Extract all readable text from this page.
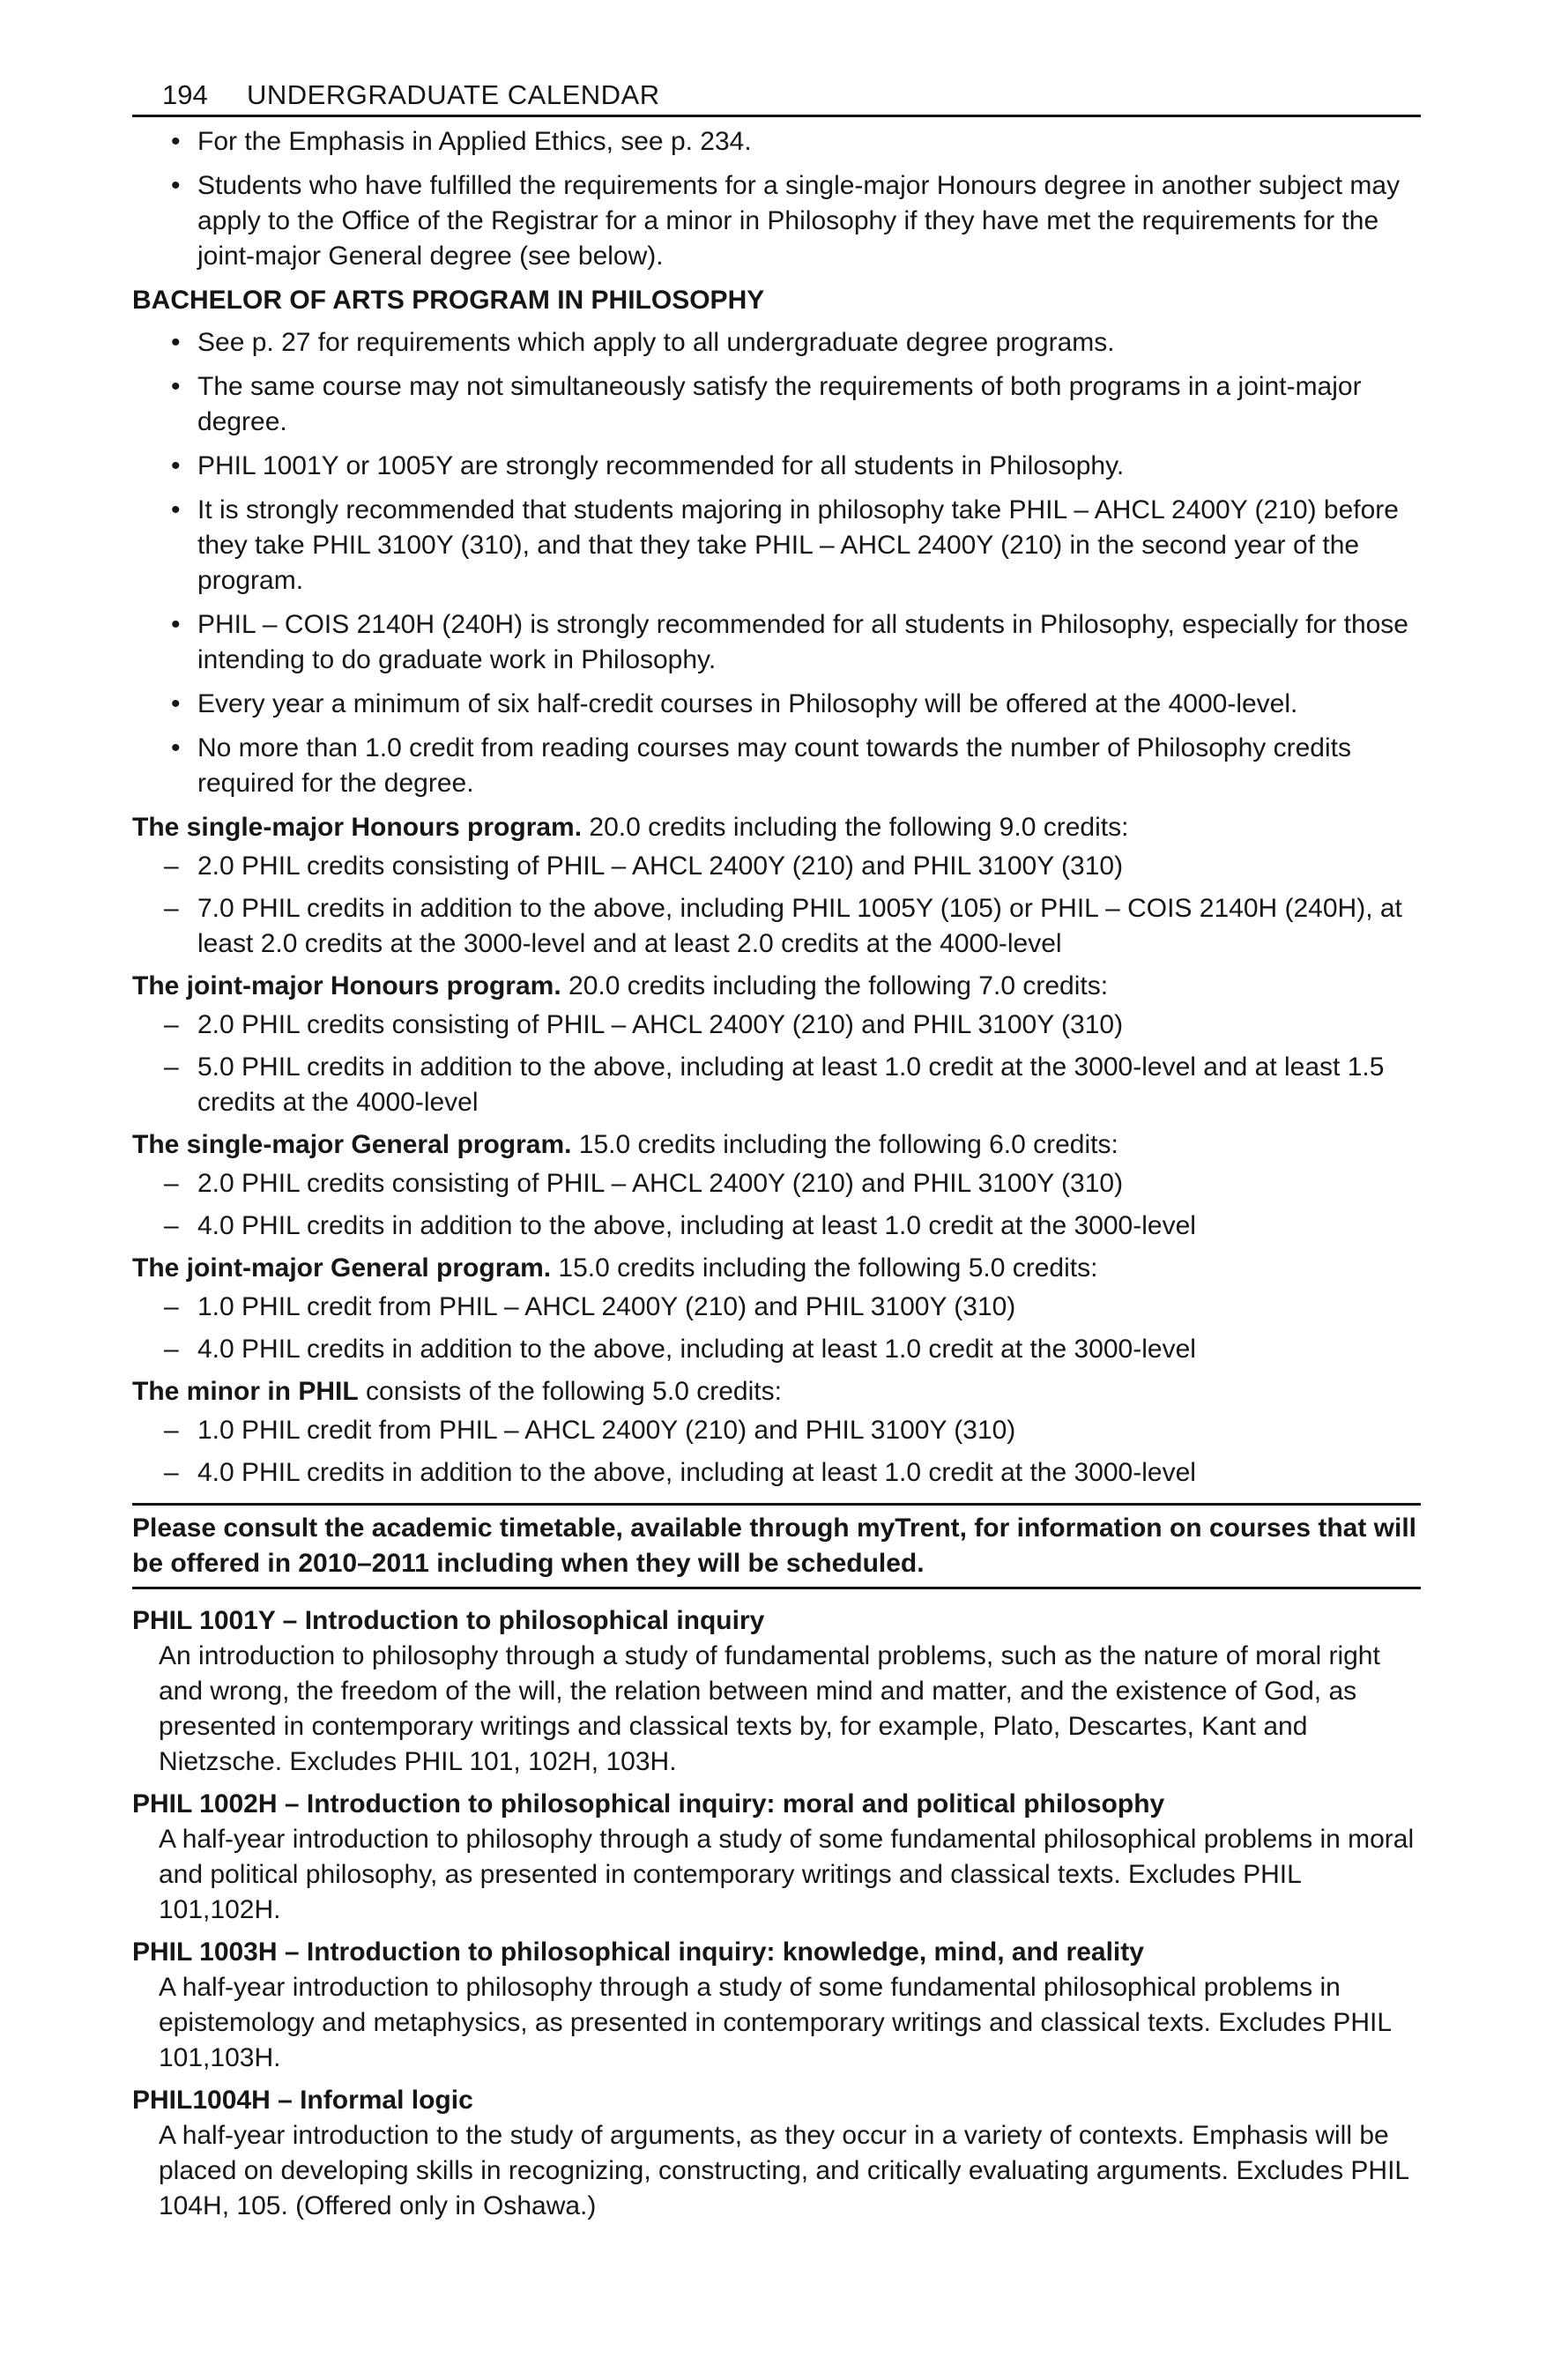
194	UNDERGRADUATE CALENDAR
• For the Emphasis in Applied Ethics, see p. 234.
• Students who have fulfilled the requirements for a single-major Honours degree in another subject may apply to the Office of the Registrar for a minor in Philosophy if they have met the requirements for the joint-major General degree (see below).
BACHELOR OF ARTS PROGRAM IN PHILOSOPHY
• See p. 27 for requirements which apply to all undergraduate degree programs.
• The same course may not simultaneously satisfy the requirements of both programs in a joint-major degree.
• PHIL 1001Y or 1005Y are strongly recommended for all students in Philosophy.
• It is strongly recommended that students majoring in philosophy take PHIL – AHCL 2400Y (210) before they take PHIL 3100Y (310), and that they take PHIL – AHCL 2400Y (210) in the second year of the program.
• PHIL – COIS 2140H (240H) is strongly recommended for all students in Philosophy, especially for those intending to do graduate work in Philosophy.
• Every year a minimum of six half-credit courses in Philosophy will be offered at the 4000-level.
• No more than 1.0 credit from reading courses may count towards the number of Philosophy credits required for the degree.

The single-major Honours program. 20.0 credits including the following 9.0 credits:

– 2.0 PHIL credits consisting of PHIL – AHCL 2400Y (210) and PHIL 3100Y (310)
– 7.0 PHIL credits in addition to the above, including PHIL 1005Y (105) or PHIL – COIS 2140H (240H), at least 2.0 credits at the 3000-level and at least 2.0 credits at the 4000-level

The joint-major Honours program. 20.0 credits including the following 7.0 credits:

– 2.0 PHIL credits consisting of PHIL – AHCL 2400Y (210) and PHIL 3100Y (310)
– 5.0 PHIL credits in addition to the above, including at least 1.0 credit at the 3000-level and at least 1.5 credits at the 4000-level

The single-major General program. 15.0 credits including the following 6.0 credits:

– 2.0 PHIL credits consisting of PHIL – AHCL 2400Y (210) and PHIL 3100Y (310)
– 4.0 PHIL credits in addition to the above, including at least 1.0 credit at the 3000-level

The joint-major General program. 15.0 credits including the following 5.0 credits:

– 1.0 PHIL credit from PHIL – AHCL 2400Y (210) and PHIL 3100Y (310)
– 4.0 PHIL credits in addition to the above, including at least 1.0 credit at the 3000-level

The minor in PHIL consists of the following 5.0 credits:

– 1.0 PHIL credit from PHIL – AHCL 2400Y (210) and PHIL 3100Y (310)
– 4.0 PHIL credits in addition to the above, including at least 1.0 credit at the 3000-level
Please consult the academic timetable, available through myTrent, for information on courses that will be offered in 2010–2011 including when they will be scheduled.
PHIL 1001Y – Introduction to philosophical inquiry
An introduction to philosophy through a study of fundamental problems, such as the nature of moral right and wrong, the freedom of the will, the relation between mind and matter, and the existence of God, as presented in contemporary writings and classical texts by, for example, Plato, Descartes, Kant and Nietzsche. Excludes PHIL 101, 102H, 103H.
PHIL 1002H – Introduction to philosophical inquiry: moral and political philosophy
A half-year introduction to philosophy through a study of some fundamental philosophical problems in moral and political philosophy, as presented in contemporary writings and classical texts. Excludes PHIL 101,102H.
PHIL 1003H – Introduction to philosophical inquiry: knowledge, mind, and reality
A half-year introduction to philosophy through a study of some fundamental philosophical problems in epistemology and metaphysics, as presented in contemporary writings and classical texts. Excludes PHIL 101,103H.
PHIL1004H – Informal logic
A half-year introduction to the study of arguments, as they occur in a variety of contexts. Emphasis will be placed on developing skills in recognizing, constructing, and critically evaluating arguments. Excludes PHIL 104H, 105. (Offered only in Oshawa.)
